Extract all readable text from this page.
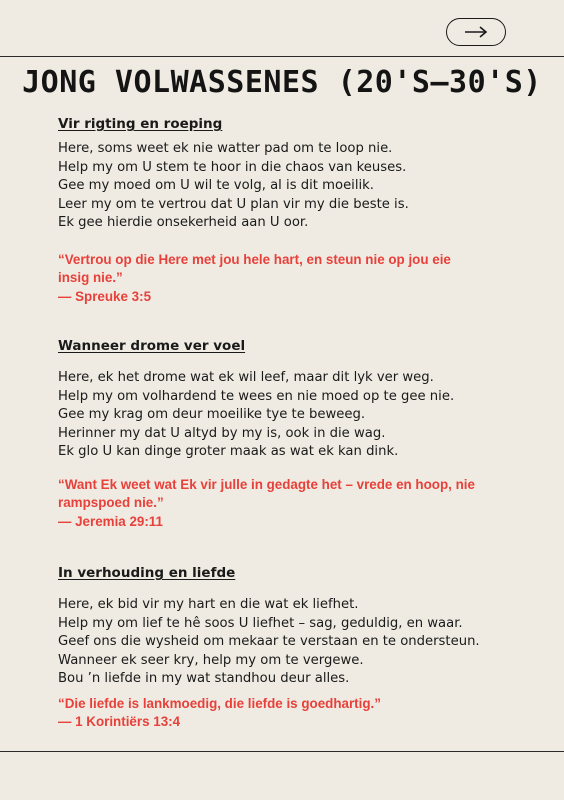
JONG VOLWASSENES (20'S–30'S)
Vir rigting en roeping
Here, soms weet ek nie watter pad om te loop nie.
Help my om U stem te hoor in die chaos van keuses.
Gee my moed om U wil te volg, al is dit moeilik.
Leer my om te vertrou dat U plan vir my die beste is.
Ek gee hierdie onsekerheid aan U oor.
“Vertrou op die Here met jou hele hart, en steun nie op jou eie insig nie.”
— Spreuke 3:5
Wanneer drome ver voel
Here, ek het drome wat ek wil leef, maar dit lyk ver weg.
Help my om volhardend te wees en nie moed op te gee nie.
Gee my krag om deur moeilike tye te beweeg.
Herinner my dat U altyd by my is, ook in die wag.
Ek glo U kan dinge groter maak as wat ek kan dink.
“Want Ek weet wat Ek vir julle in gedagte het – vrede en hoop, nie rampspoed nie.”
— Jeremia 29:11
In verhouding en liefde
Here, ek bid vir my hart en die wat ek liefhet.
Help my om lief te hê soos U liefhet – sag, geduldig, en waar.
Geef ons die wysheid om mekaar te verstaan en te ondersteun.
Wanneer ek seer kry, help my om te vergewe.
Bou ’n liefde in my wat standhou deur alles.
“Die liefde is lankmoedig, die liefde is goedhartig.”
— 1 Korintiërs 13:4
